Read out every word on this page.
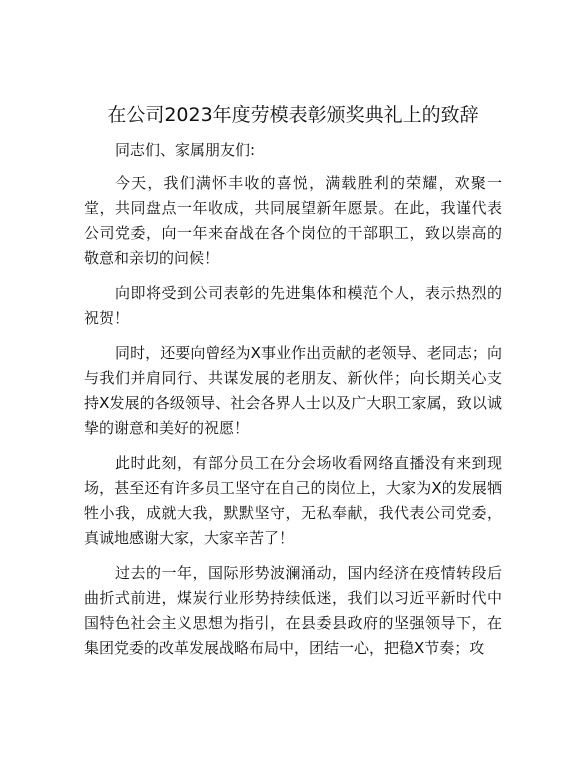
在公司2023年度劳模表彰颁奖典礼上的致辞

同志们、家属朋友们:

今天，我们满怀丰收的喜悦，满载胜利的荣耀，欢聚一堂，共同盘点一年收成，共同展望新年愿景。在此，我谨代表公司党委，向一年来奋战在各个岗位的干部职工，致以崇高的敬意和亲切的问候！

向即将受到公司表彰的先进集体和模范个人，表示热烈的祝贺！

同时，还要向曾经为X事业作出贡献的老领导、老同志；向与我们并肩同行、共谋发展的老朋友、新伙伴；向长期关心支持X发展的各级领导、社会各界人士以及广大职工家属，致以诚挚的谢意和美好的祝愿！

此时此刻，有部分员工在分会场收看网络直播没有来到现场，甚至还有许多员工坚守在自己的岗位上，大家为X的发展牺牲小我，成就大我，默默坚守，无私奉献，我代表公司党委，真诚地感谢大家，大家辛苦了！

过去的一年，国际形势波澜涌动，国内经济在疫情转段后曲折式前进，煤炭行业形势持续低迷，我们以习近平新时代中国特色社会主义思想为指引，在县委县政府的坚强领导下，在集团党委的改革发展战略布局中，团结一心，把稳X节奏；攻
